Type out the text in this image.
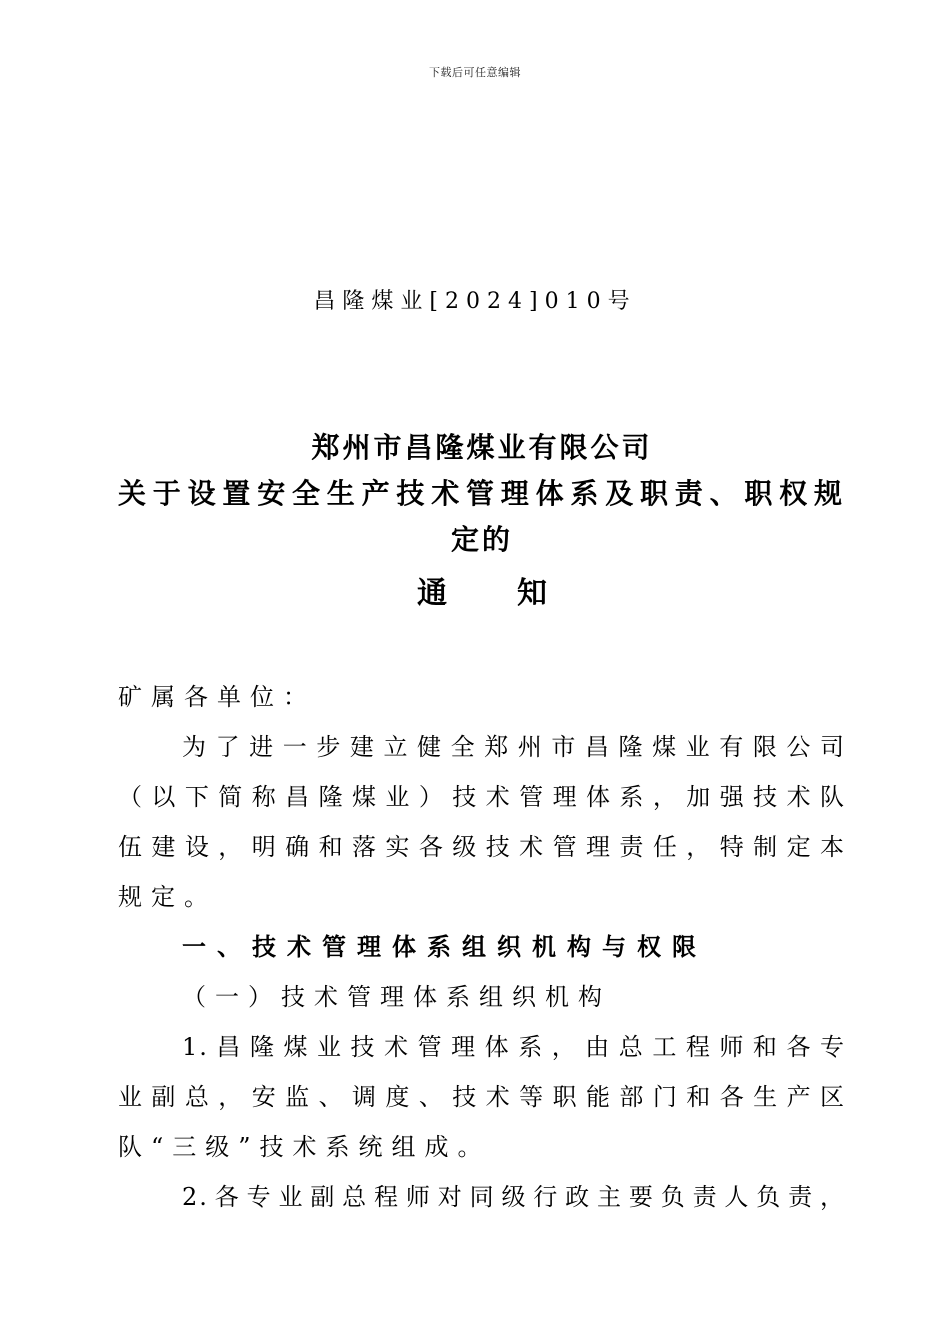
下载后可任意编辑
昌隆煤业[2024]010号

郑州市昌隆煤业有限公司

关于设置安全生产技术管理体系及职责、职权规

定的

通知

矿属各单位：

为了进一步建立健全郑州市昌隆煤业有限公司

（以下简称昌隆煤业）技术管理体系，加强技术队

伍建设，明确和落实各级技术管理责任，特制定本

规定。

一、技术管理体系组织机构与权限

（一）技术管理体系组织机构

1.昌隆煤业技术管理体系，由总工程师和各专

业副总，安监、调度、技术等职能部门和各生产区

队“三级”技术系统组成。

2.各专业副总程师对同级行政主要负责人负责，
